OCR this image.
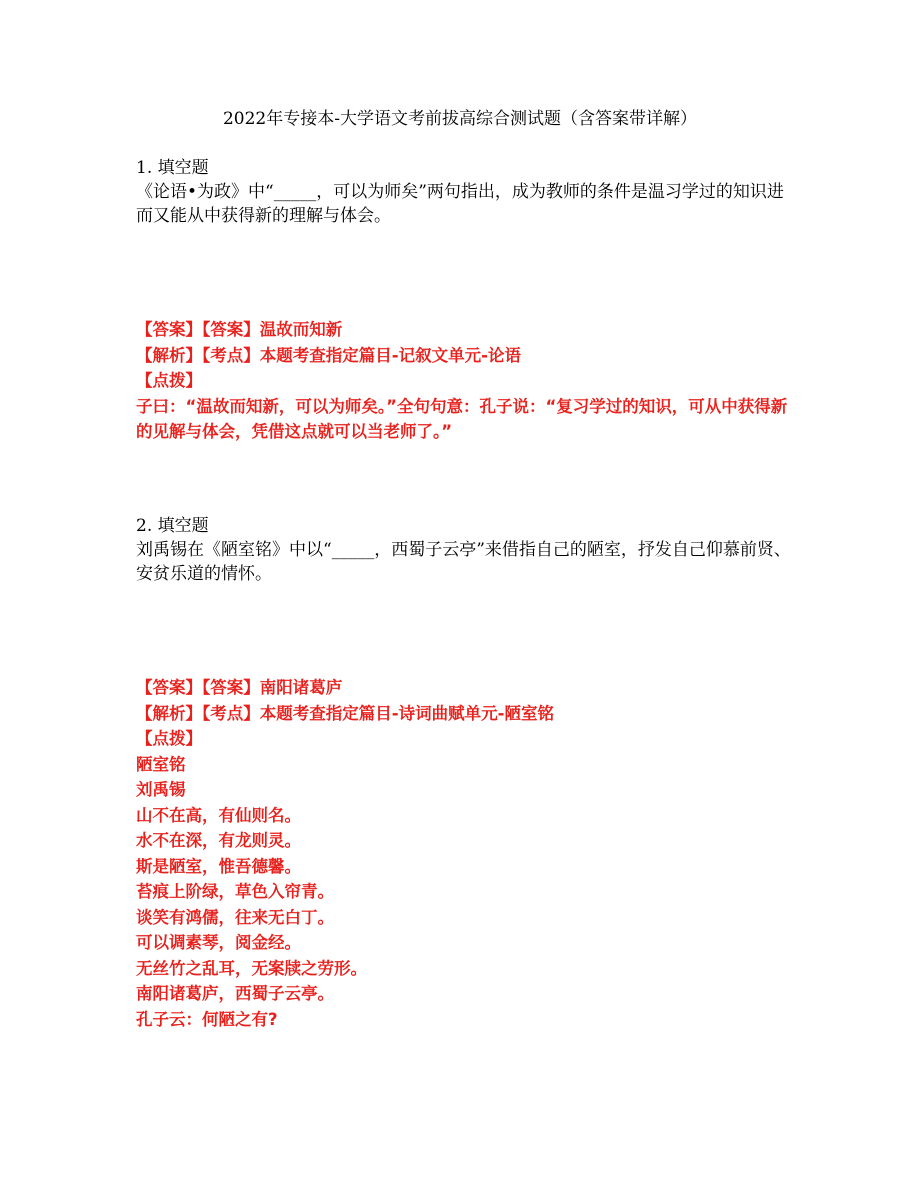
2022年专接本-大学语文考前拔高综合测试题（含答案带详解）
1. 填空题
《论语•为政》中“_____，可以为师矣”两句指出，成为教师的条件是温习学过的知识进而又能从中获得新的理解与体会。
【答案】【答案】温故而知新
【解析】【考点】本题考查指定篇目-记叙文单元-论语
【点拨】
子曰：“温故而知新，可以为师矣。”全句句意：孔子说：“复习学过的知识，可从中获得新的见解与体会，凭借这点就可以当老师了。”
2. 填空题
刘禹锡在《陋室铭》中以“_____，西蜀子云亭”来借指自己的陋室，抒发自己仰慕前贤、安贫乐道的情怀。
【答案】【答案】南阳诸葛庐
【解析】【考点】本题考查指定篇目-诗词曲赋单元-陋室铭
【点拨】
陋室铭
刘禹锡
山不在高，有仙则名。
水不在深，有龙则灵。
斯是陋室，惟吾德馨。
苔痕上阶绿，草色入帘青。
谈笑有鸿儒，往来无白丁。
可以调素琴，阅金经。
无丝竹之乱耳，无案牍之劳形。
南阳诸葛庐，西蜀子云亭。
孔子云：何陋之有?
